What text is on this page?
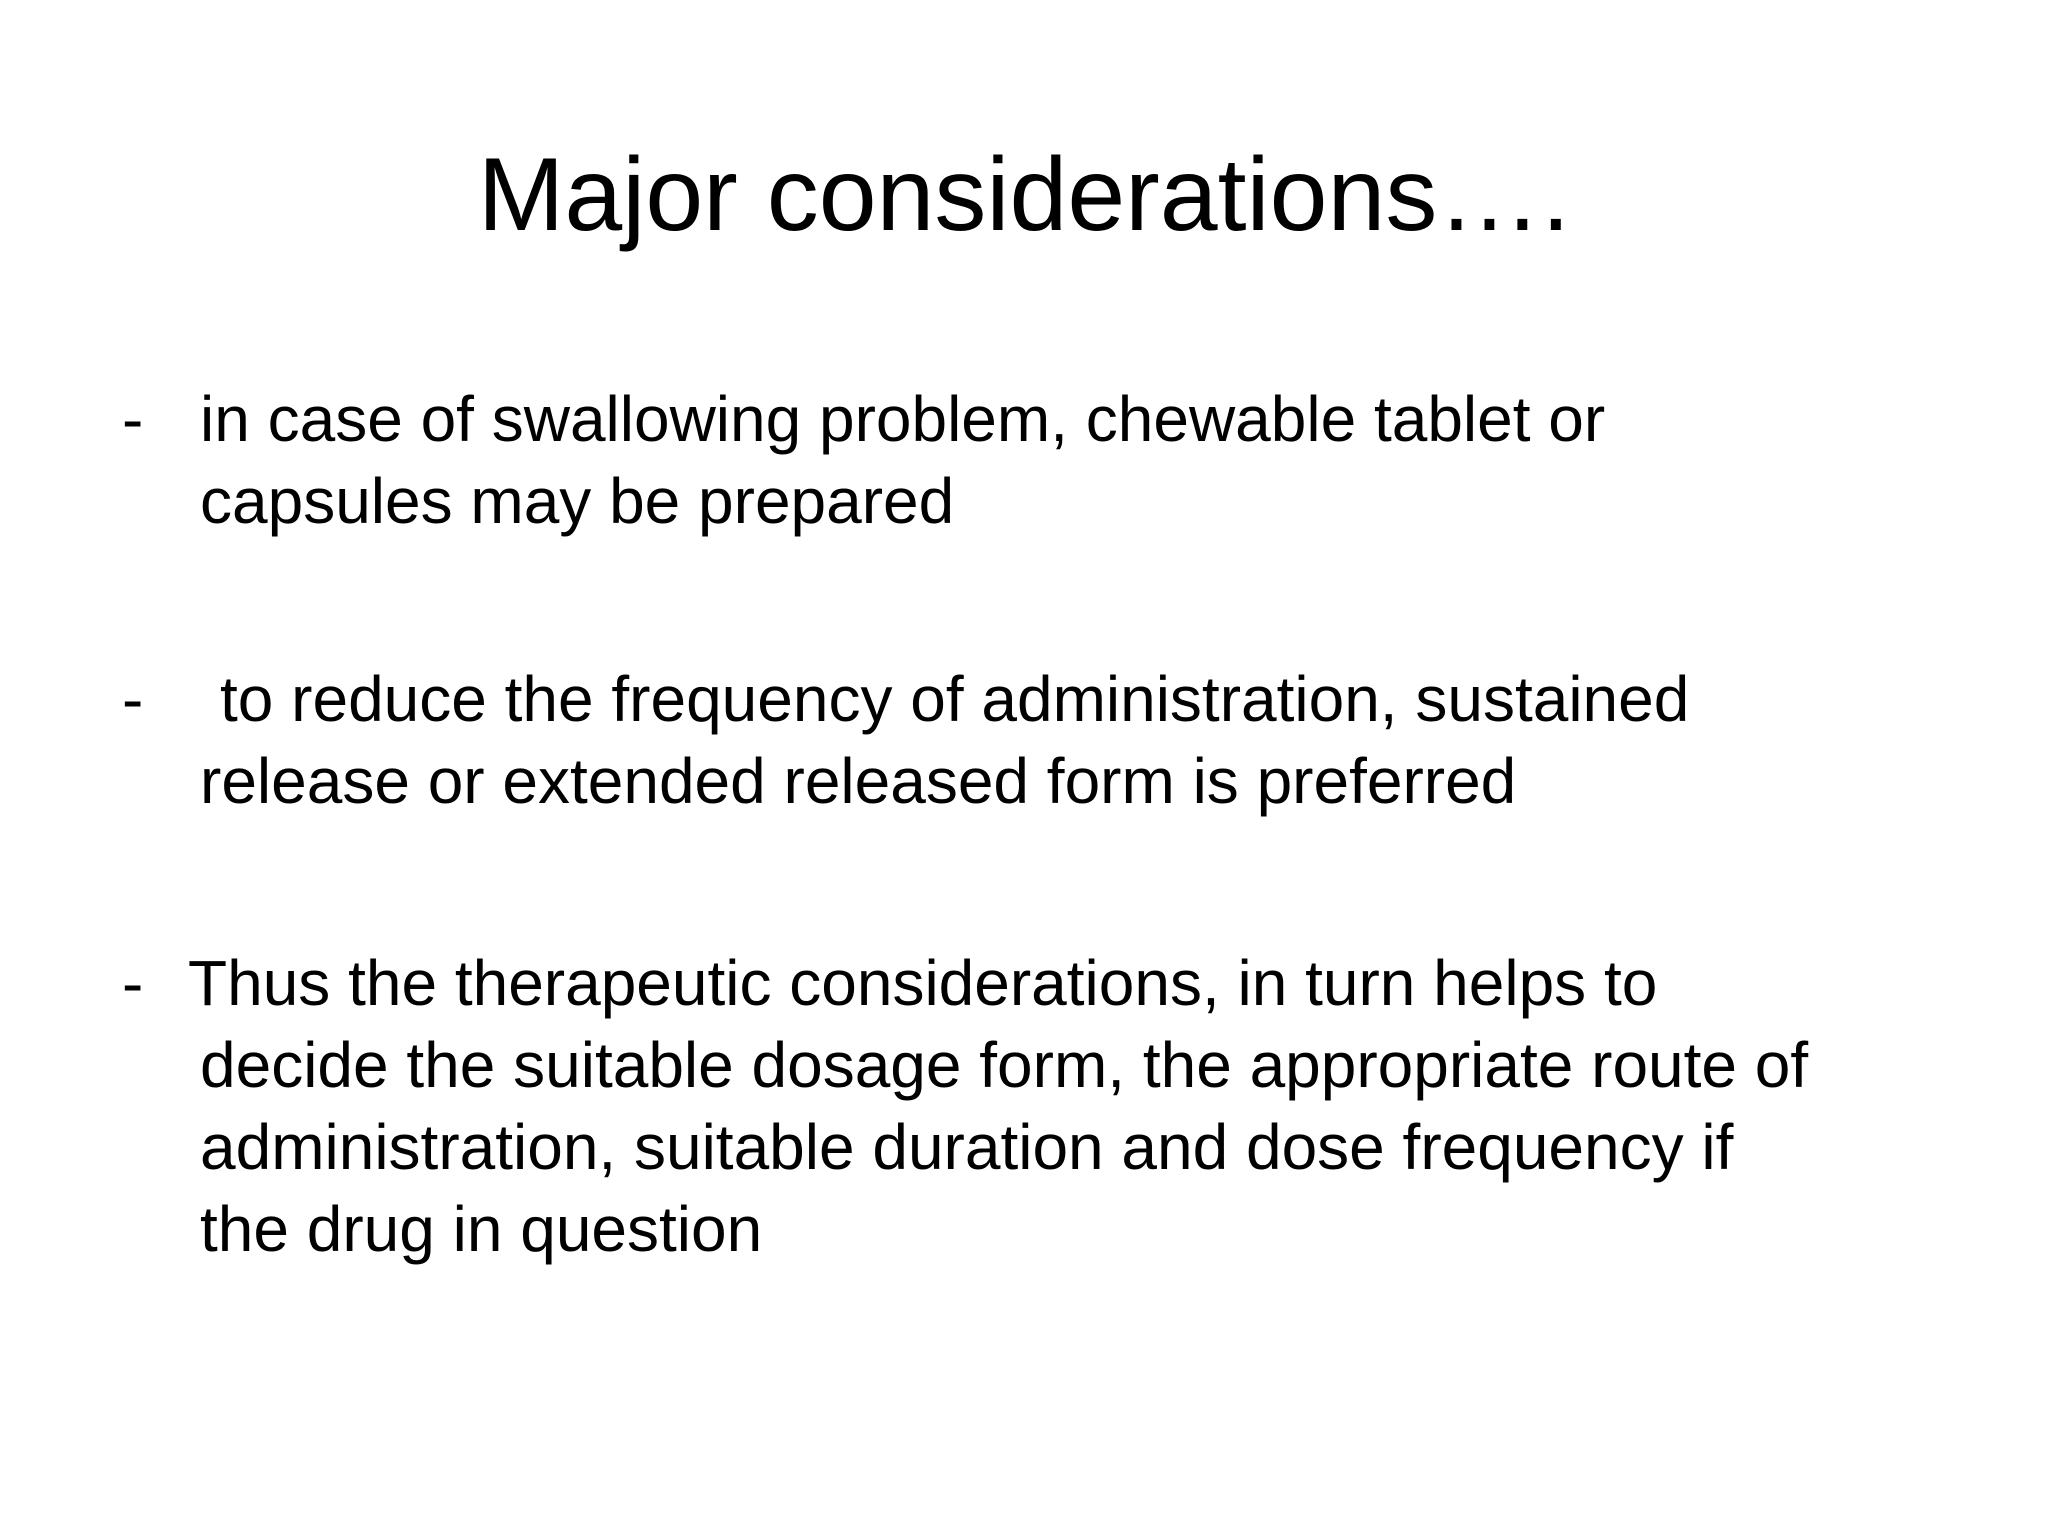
Major considerations….
- in case of swallowing problem, chewable tablet or
capsules may be prepared
-	to reduce the frequency of administration, sustained
release or extended released form is preferred
- Thus the therapeutic considerations, in turn helps to
decide the suitable dosage form, the appropriate route of
administration, suitable duration and dose frequency if
the drug in question
